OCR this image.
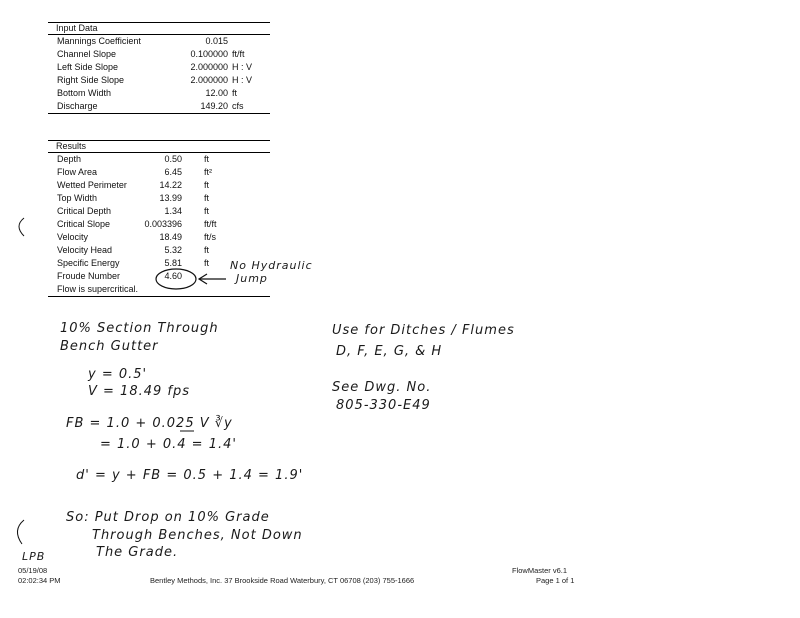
Input Data
Mannings Coefficient	0.015
Channel Slope	0.100000 ft/ft
Left Side Slope	2.000000 H : V
Right Side Slope	2.000000 H : V
Bottom Width	12.00 ft
Discharge	149.20 cfs
Results
Depth	0.50 ft
Flow Area	6.45 ft²
Wetted Perimeter	14.22 ft
Top Width	13.99 ft
Critical Depth	1.34 ft
Critical Slope	0.003396 ft/ft
Velocity	18.49 ft/s
Velocity Head	5.32 ft
Specific Energy	5.81 ft
Froude Number	4.60
Flow is supercritical.
No Hydraulic
Jump
10% Section Through
Bench Gutter
y = 0.5'
V = 18.49 fps
FB = 1.0 + 0.025 V ∛y
= 1.0 + 0.4 = 1.4'
d' = y + FB = 0.5 + 1.4 = 1.9'
Use for Ditches / Flumes
D, F, E, G, & H
See Dwg. No.
805-330-E49
So: Put Drop on 10% Grade
Through Benches, Not Down
The Grade.
LPB
05/19/08
02:02:34 PM	Bentley Methods, Inc. 37 Brookside Road Waterbury, CT 06708 (203) 755-1666
FlowMaster v6.1
Page 1 of 1
